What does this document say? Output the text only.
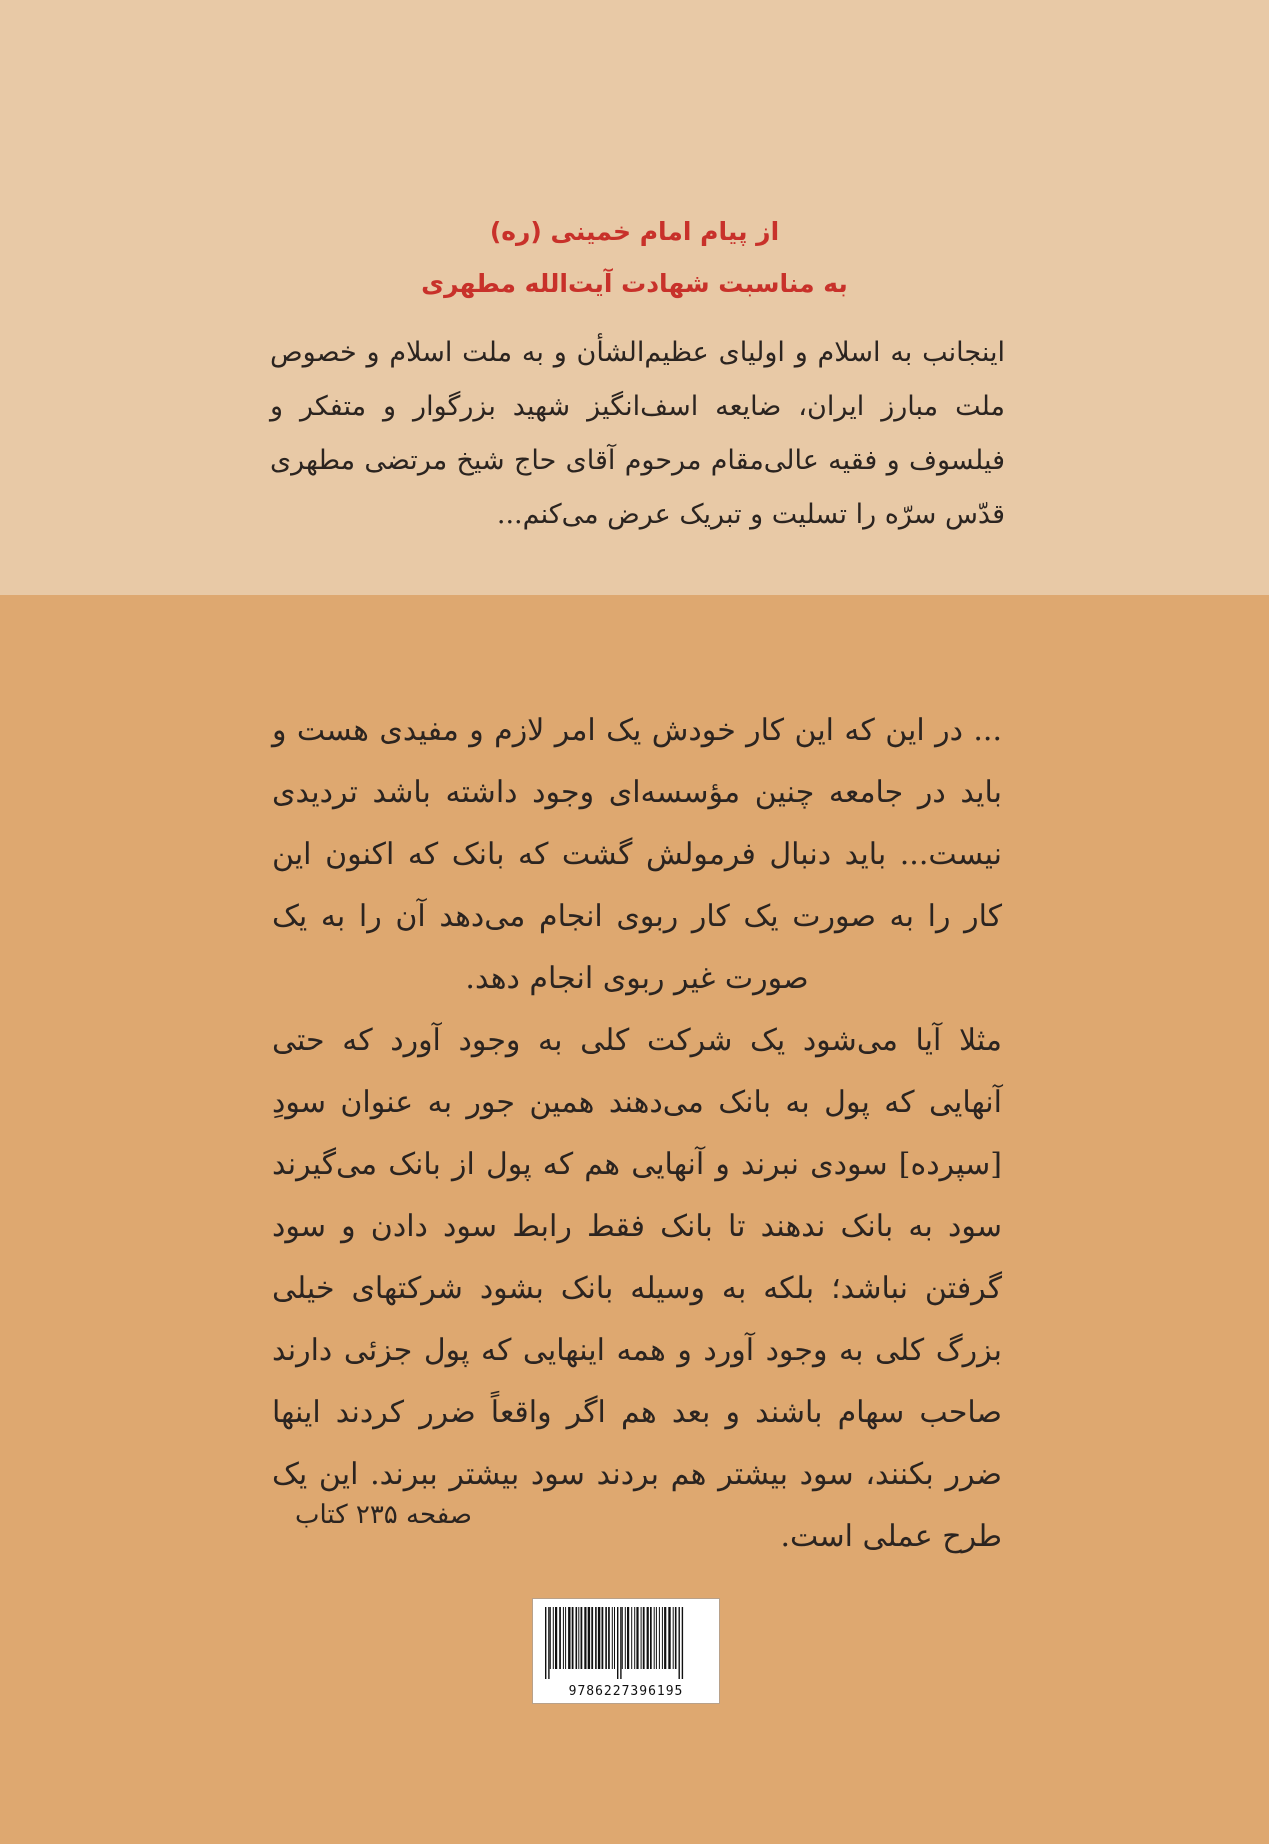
از پیام امام خمینی (ره)
به مناسبت شهادت آیت‌الله مطهری
اینجانب به اسلام و اولیای عظیم‌الشأن و به ملت اسلام و خصوص ملت مبارز ایران، ضایعه اسف‌انگیز شهید بزرگوار و متفکر و فیلسوف و فقیه عالی‌مقام مرحوم آقای حاج شیخ مرتضی مطهری قدّس سرّه را تسلیت و تبریک عرض می‌کنم...

... در این که این کار خودش یک امر لازم و مفیدی هست و باید در جامعه چنین مؤسسه‌ای وجود داشته باشد تردیدی نیست... باید دنبال فرمولش گشت که بانک که اکنون این کار را به صورت یک کار ربوی انجام می‌دهد آن را به یک صورت غیر ربوی انجام دهد.

مثلا آیا می‌شود یک شرکت کلی به وجود آورد که حتی آنهایی که پول به بانک می‌دهند همین جور به عنوان سودِ [سپرده] سودی نبرند و آنهایی هم که پول از بانک می‌گیرند سود به بانک ندهند تا بانک فقط رابط سود دادن و سود گرفتن نباشد؛ بلکه به وسیله بانک بشود شرکتهای خیلی بزرگ کلی به وجود آورد و همه اینهایی که پول جزئی دارند صاحب سهام باشند و بعد هم اگر واقعاً ضرر کردند اینها ضرر بکنند، سود بیشتر هم بردند سود بیشتر ببرند. این یک طرح عملی است.

صفحه ۲۳۵ کتاب
9786227396195
